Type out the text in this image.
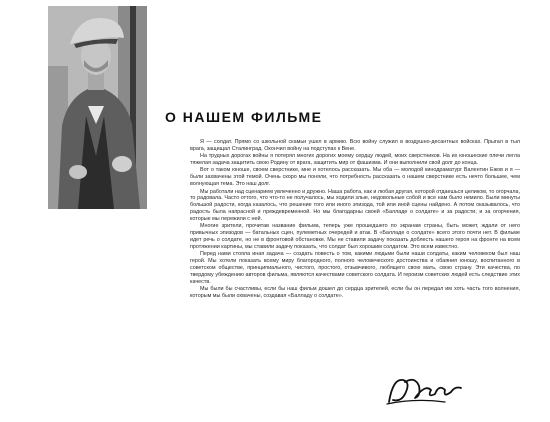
О НАШЕМ ФИЛЬМЕ

Я — солдат. Прямо со школьной скамьи ушел в армию. Всю войну служил в воздушно-десантных войсках. Прыгал в тыл врага, защищал Сталинград. Окончил войну на подступах к Вене.

На трудных дорогах войны я потерял многих дорогих моему сердцу людей, моих сверстников. На их юношеские плечи легла тяжелая задача защитить свою Родину от врага, защитить мир от фашизма. И они выполнили свой долг до конца.

Вот о таком юноше, своем сверстнике, мне и хотелось рассказать. Мы оба — молодой кинодраматург Валентин Ежов и я — были захвачены этой темой. Очень скоро мы поняли, что потребность рассказать о нашем сверстнике есть нечто большее, чем волнующая тема. Это наш долг.

Мы работали над сценарием увлеченно и дружно. Наша работа, как и любая другая, которой отдаешься целиком, то огорчала, то радовала. Часто оттого, что что-то не получалось, мы ходили злые, недовольные собой и все нам было немило. Были минуты большой радости, когда казалось, что решение того или иного эпизода, той или иной сцены найдено. А потом оказывалось, что радость была напрасной и преждевременной. Но мы благодарны своей «Балладе о солдате» и за радости, и за огорчения, которые мы пережили с ней.

Многие зрители, прочитав название фильма, теперь уже прошедшего по экранам страны, быть может, ждали от него привычных эпизодов — батальных сцен, пулеметных очередей и атак. В «Балладе о солдате» всего этого почти нет. В фильме идет речь о солдате, но не в фронтовой обстановке. Мы не ставили задачу показать доблесть нашего героя на фронте на всем протяжении картины, мы ставили задачу показать, что солдат был хорошим солдатом. Это всем известно.

Перед нами стояла иная задача — создать повесть о том, какими людьми были наши солдаты, каким человеком был наш герой. Мы хотели показать всему миру благородного, полного человеческого достоинства и обаяния юношу, воспитанного в советском обществе, принципиального, чистого, простого, отзывчивого, любящего свою мать, свою страну. Эти качества, по твердому убеждению авторов фильма, являются качествами советского солдата. И героизм советских людей есть следствие этих качеств.

Мы были бы счастливы, если бы наш фильм дошел до сердца зрителей, если бы он передал им хоть часть того волнения, которым мы были охвачены, создавая «Балладу о солдате».
